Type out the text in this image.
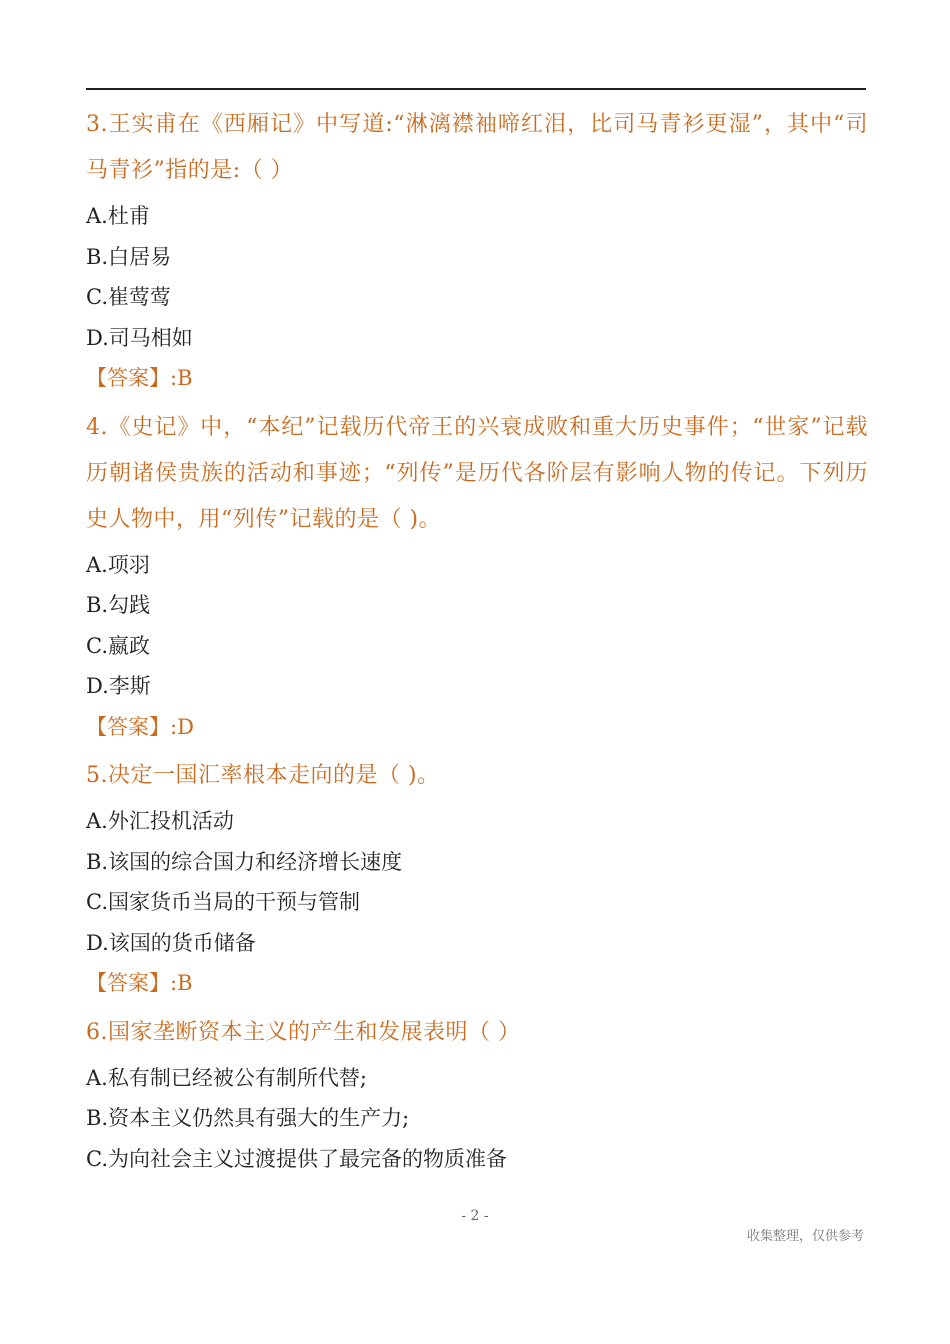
3.王实甫在《西厢记》中写道:“淋漓襟袖啼红泪，比司马青衫更湿”，其中“司马青衫”指的是:（ ）

A.杜甫

B.白居易

C.崔莺莺

D.司马相如

【答案】:B

4.《史记》中，“本纪”记载历代帝王的兴衰成败和重大历史事件；“世家”记载历朝诸侯贵族的活动和事迹；“列传”是历代各阶层有影响人物的传记。下列历史人物中，用“列传”记载的是（ )。

A.项羽

B.勾践

C.嬴政

D.李斯

【答案】:D

5.决定一国汇率根本走向的是（ )。

A.外汇投机活动

B.该国的综合国力和经济增长速度

C.国家货币当局的干预与管制

D.该国的货币储备

【答案】:B

6.国家垄断资本主义的产生和发展表明（ ）

A.私有制已经被公有制所代替;

B.资本主义仍然具有强大的生产力;

C.为向社会主义过渡提供了最完备的物质准备

- 2 -
收集整理，仅供参考
